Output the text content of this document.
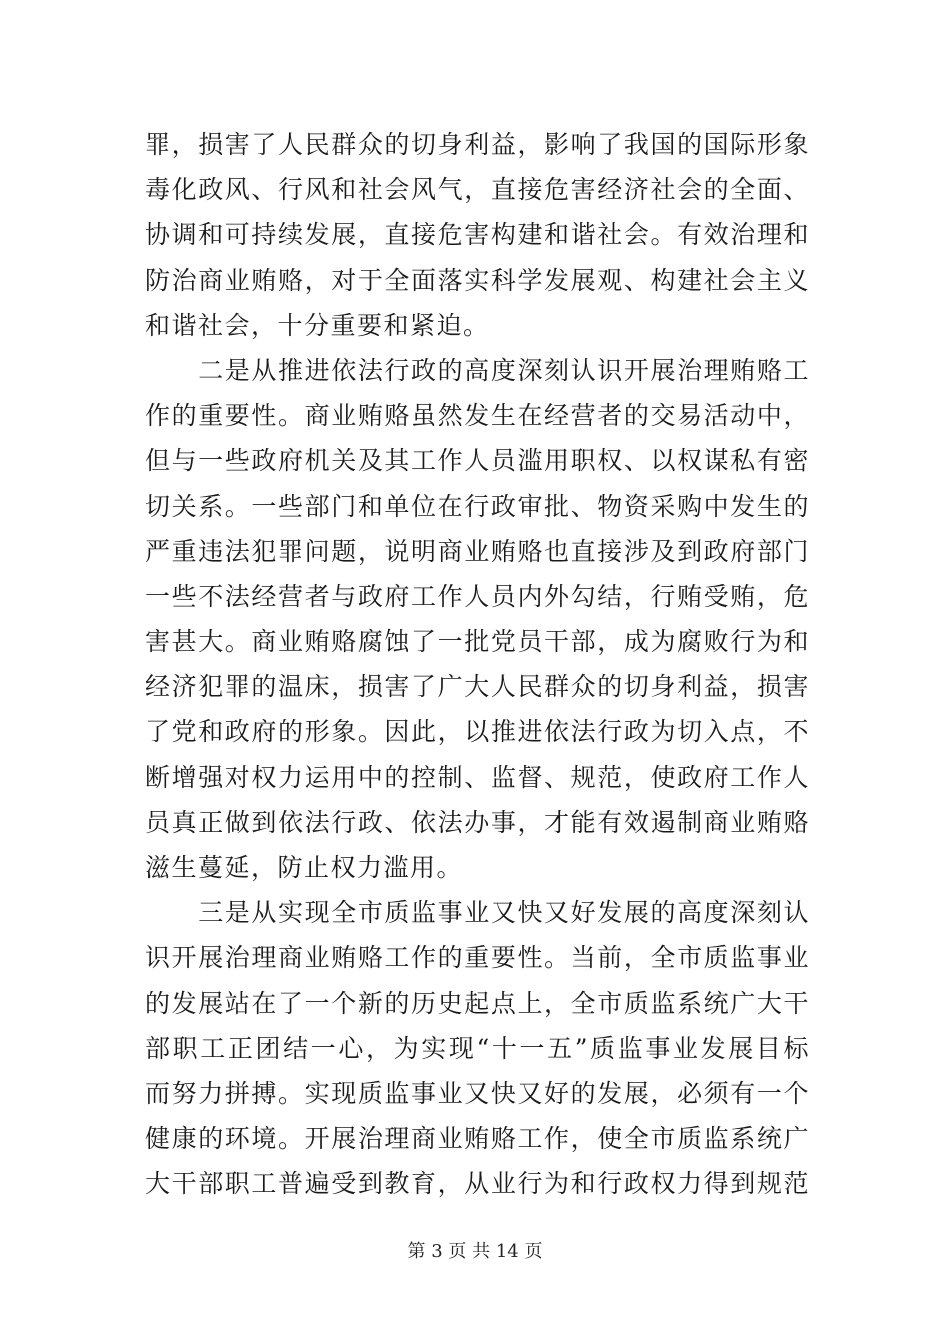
罪，损害了人民群众的切身利益，影响了我国的国际形象
毒化政风、行风和社会风气，直接危害经济社会的全面、
协调和可持续发展，直接危害构建和谐社会。有效治理和
防治商业贿赂，对于全面落实科学发展观、构建社会主义
和谐社会，十分重要和紧迫。
　　二是从推进依法行政的高度深刻认识开展治理贿赂工
作的重要性。商业贿赂虽然发生在经营者的交易活动中，
但与一些政府机关及其工作人员滥用职权、以权谋私有密
切关系。一些部门和单位在行政审批、物资采购中发生的
严重违法犯罪问题，说明商业贿赂也直接涉及到政府部门
一些不法经营者与政府工作人员内外勾结，行贿受贿，危
害甚大。商业贿赂腐蚀了一批党员干部，成为腐败行为和
经济犯罪的温床，损害了广大人民群众的切身利益，损害
了党和政府的形象。因此，以推进依法行政为切入点，不
断增强对权力运用中的控制、监督、规范，使政府工作人
员真正做到依法行政、依法办事，才能有效遏制商业贿赂
滋生蔓延，防止权力滥用。
　　三是从实现全市质监事业又快又好发展的高度深刻认
识开展治理商业贿赂工作的重要性。当前，全市质监事业
的发展站在了一个新的历史起点上，全市质监系统广大干
部职工正团结一心，为实现“十一五”质监事业发展目标
而努力拼搏。实现质监事业又快又好的发展，必须有一个
健康的环境。开展治理商业贿赂工作，使全市质监系统广
大干部职工普遍受到教育，从业行为和行政权力得到规范
第 3 页 共 14 页
